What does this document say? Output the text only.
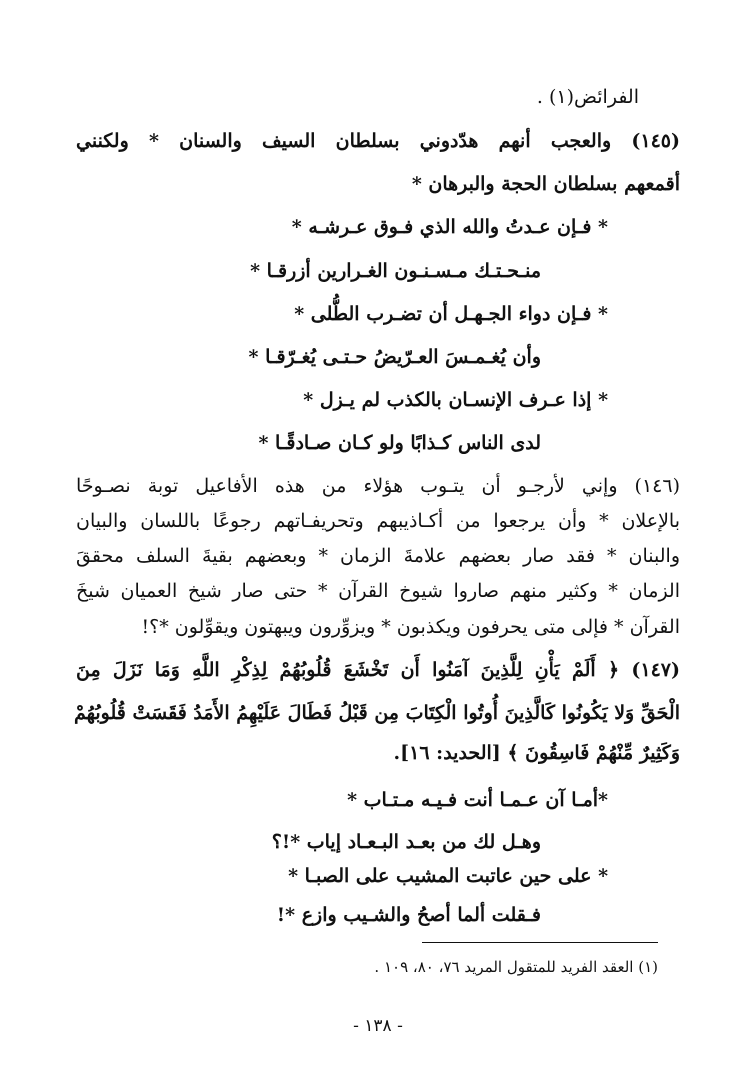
الفرائض(١) .
(١٤٥) والعجب أنهم هدّدوني بسلطان السيف والسنان * ولكنني
أقمعهم بسلطان الحجة والبرهان *
* فـإن عـدتُ والله الذي فـوق عـرشـه *
منـحـتـك مـسـنـون الغـرارين أزرقـا *
* فـإن دواء الجـهـل أن تضـرب الطُّلى *
وأن يُغـمـسَ العـرّيضُ حـتـى يُغـرّقـا *
* إذا عـرف الإنسـان بالكذب لم يـزل *
لدى الناس كـذابًا ولو كـان صـادقًـا *
(١٤٦) وإني لأرجـو أن يتـوب هؤلاء من هذه الأفاعيل توبة نصـوحًا
بالإعلان * وأن يرجعوا من أكـاذيبهم وتحريفـاتهم رجوعًا باللسان والبيان
والبنان * فقد صار بعضهم علامةَ الزمان * وبعضهم بقيةَ السلف محققَ
الزمان * وكثير منهم صاروا شيوخ القرآن * حتى صار شيخ العميان شيخَ
القرآن * فإلى متى يحرفون ويكذبون * ويزوِّرون ويبهتون ويقوِّلون *؟!
(١٤٧) ﴿ أَلَمْ يَأْنِ لِلَّذِينَ آمَنُوا أَن تَخْشَعَ قُلُوبُهُمْ لِذِكْرِ اللَّهِ وَمَا نَزَلَ مِنَ
الْحَقِّ وَلا يَكُونُوا كَالَّذِينَ أُوتُوا الْكِتَابَ مِن قَبْلُ فَطَالَ عَلَيْهِمُ الأَمَدُ فَقَسَتْ قُلُوبُهُمْ
وَكَثِيرٌ مِّنْهُمْ فَاسِقُونَ ﴾ [الحديد: ١٦].
*أمـا آن عـمـا أنت فـيـه مـتـاب *
وهـل لك من بعـد البـعـاد إياب *!؟
* على حين عاتبت المشيب على الصبـا *
فـقلت ألما أصحُ والشـيب وازع *!
(١) العقد الفريد للمتقول المريد ٧٦، ٨٠، ١٠٩ .
- ١٣٨ -
